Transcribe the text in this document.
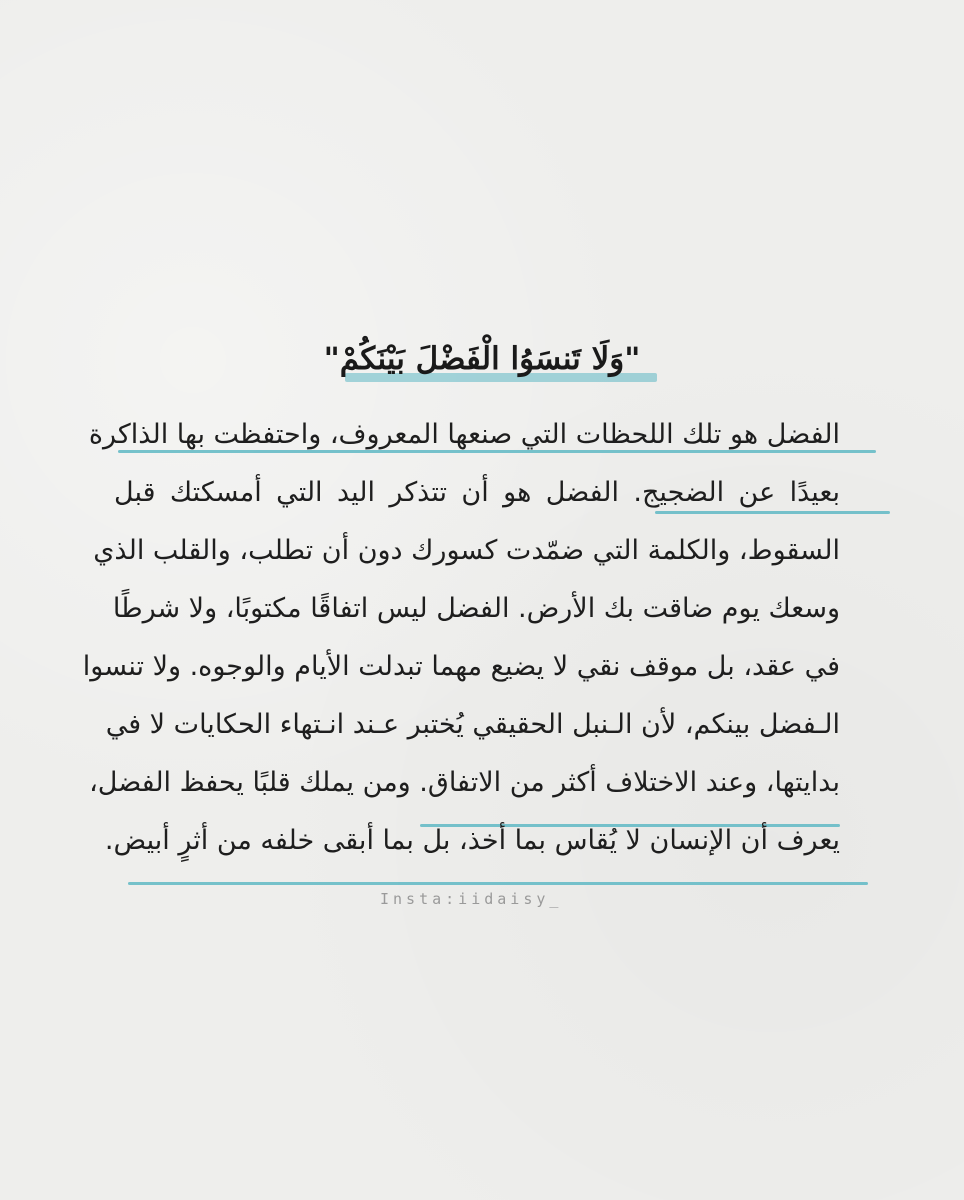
"وَلَا تَنسَوُا الْفَضْلَ بَيْنَكُمْ"
الفضل هو تلك اللحظات التي صنعها المعروف، واحتفظت بها الذاكرة
بعيدًا عن الضجيج. الفضل هو أن تتذكر اليد التي أمسكتك قبل
السقوط، والكلمة التي ضمّدت كسورك دون أن تطلب، والقلب الذي
وسعك يوم ضاقت بك الأرض. الفضل ليس اتفاقًا مكتوبًا، ولا شرطًا
في عقد، بل موقف نقي لا يضيع مهما تبدلت الأيام والوجوه. ولا تنسوا
الـفضل بينكم، لأن الـنبل الحقيقي يُختبر عـند انـتهاء الحكايات لا في
بدايتها، وعند الاختلاف أكثر من الاتفاق. ومن يملك قلبًا يحفظ الفضل،
يعرف أن الإنسان لا يُقاس بما أخذ، بل بما أبقى خلفه من أثرٍ أبيض.
Insta:iidaisy_
